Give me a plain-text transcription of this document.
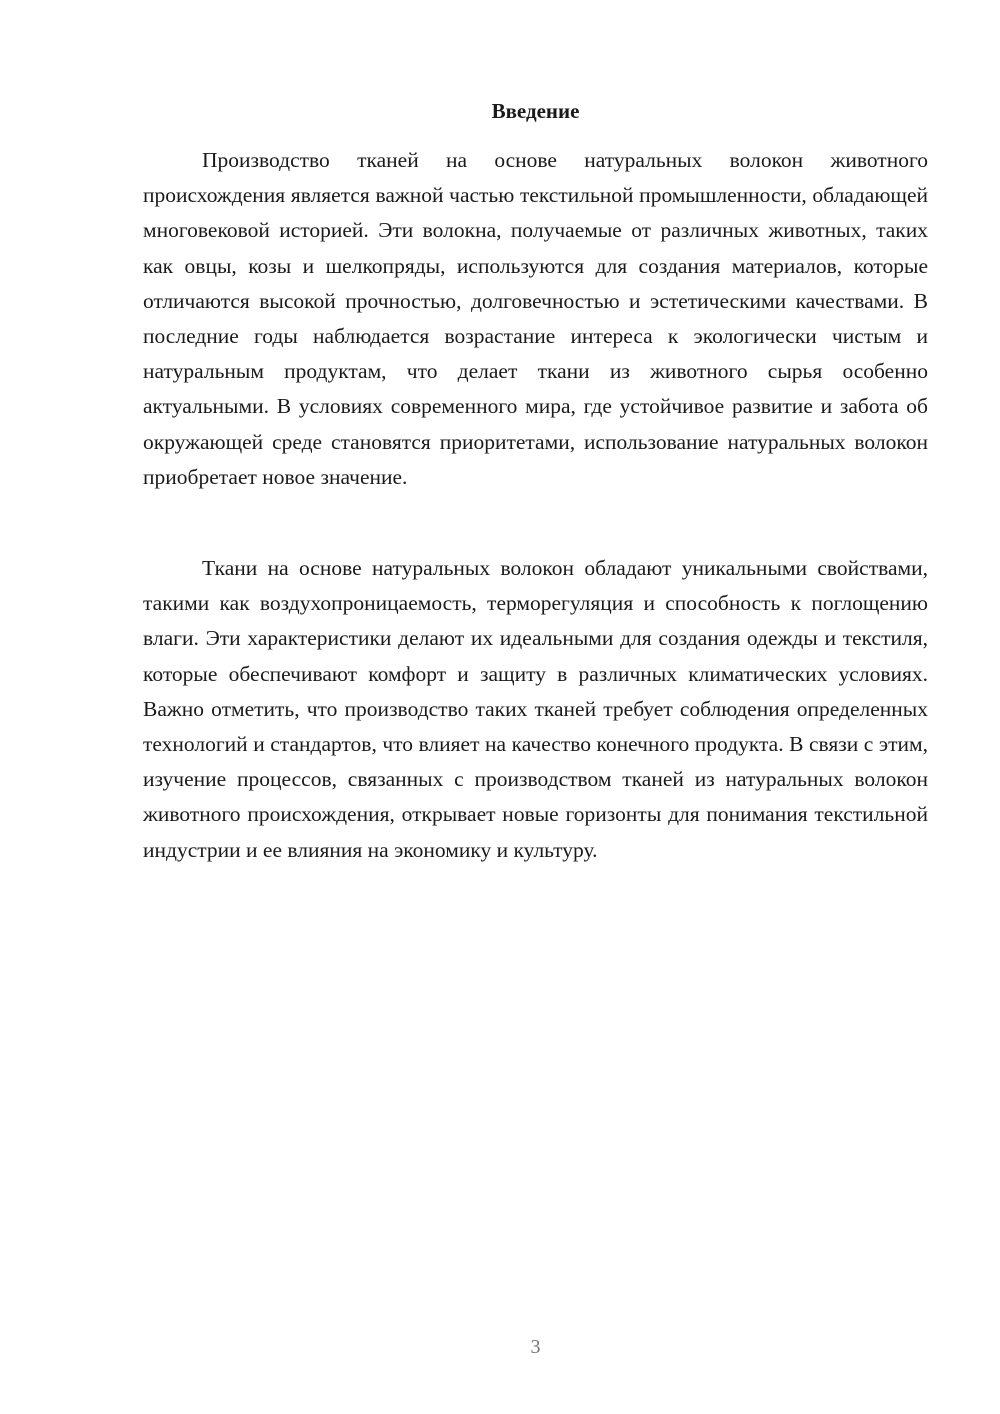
Введение

Производство тканей на основе натуральных волокон животного происхождения является важной частью текстильной промышленности, обладающей многовековой историей. Эти волокна, получаемые от различных животных, таких как овцы, козы и шелкопряды, используются для создания материалов, которые отличаются высокой прочностью, долговечностью и эстетическими качествами. В последние годы наблюдается возрастание интереса к экологически чистым и натуральным продуктам, что делает ткани из животного сырья особенно актуальными. В условиях современного мира, где устойчивое развитие и забота об окружающей среде становятся приоритетами, использование натуральных волокон приобретает новое значение.

Ткани на основе натуральных волокон обладают уникальными свойствами, такими как воздухопроницаемость, терморегуляция и способность к поглощению влаги. Эти характеристики делают их идеальными для создания одежды и текстиля, которые обеспечивают комфорт и защиту в различных климатических условиях. Важно отметить, что производство таких тканей требует соблюдения определенных технологий и стандартов, что влияет на качество конечного продукта. В связи с этим, изучение процессов, связанных с производством тканей из натуральных волокон животного происхождения, открывает новые горизонты для понимания текстильной индустрии и ее влияния на экономику и культуру.

3
